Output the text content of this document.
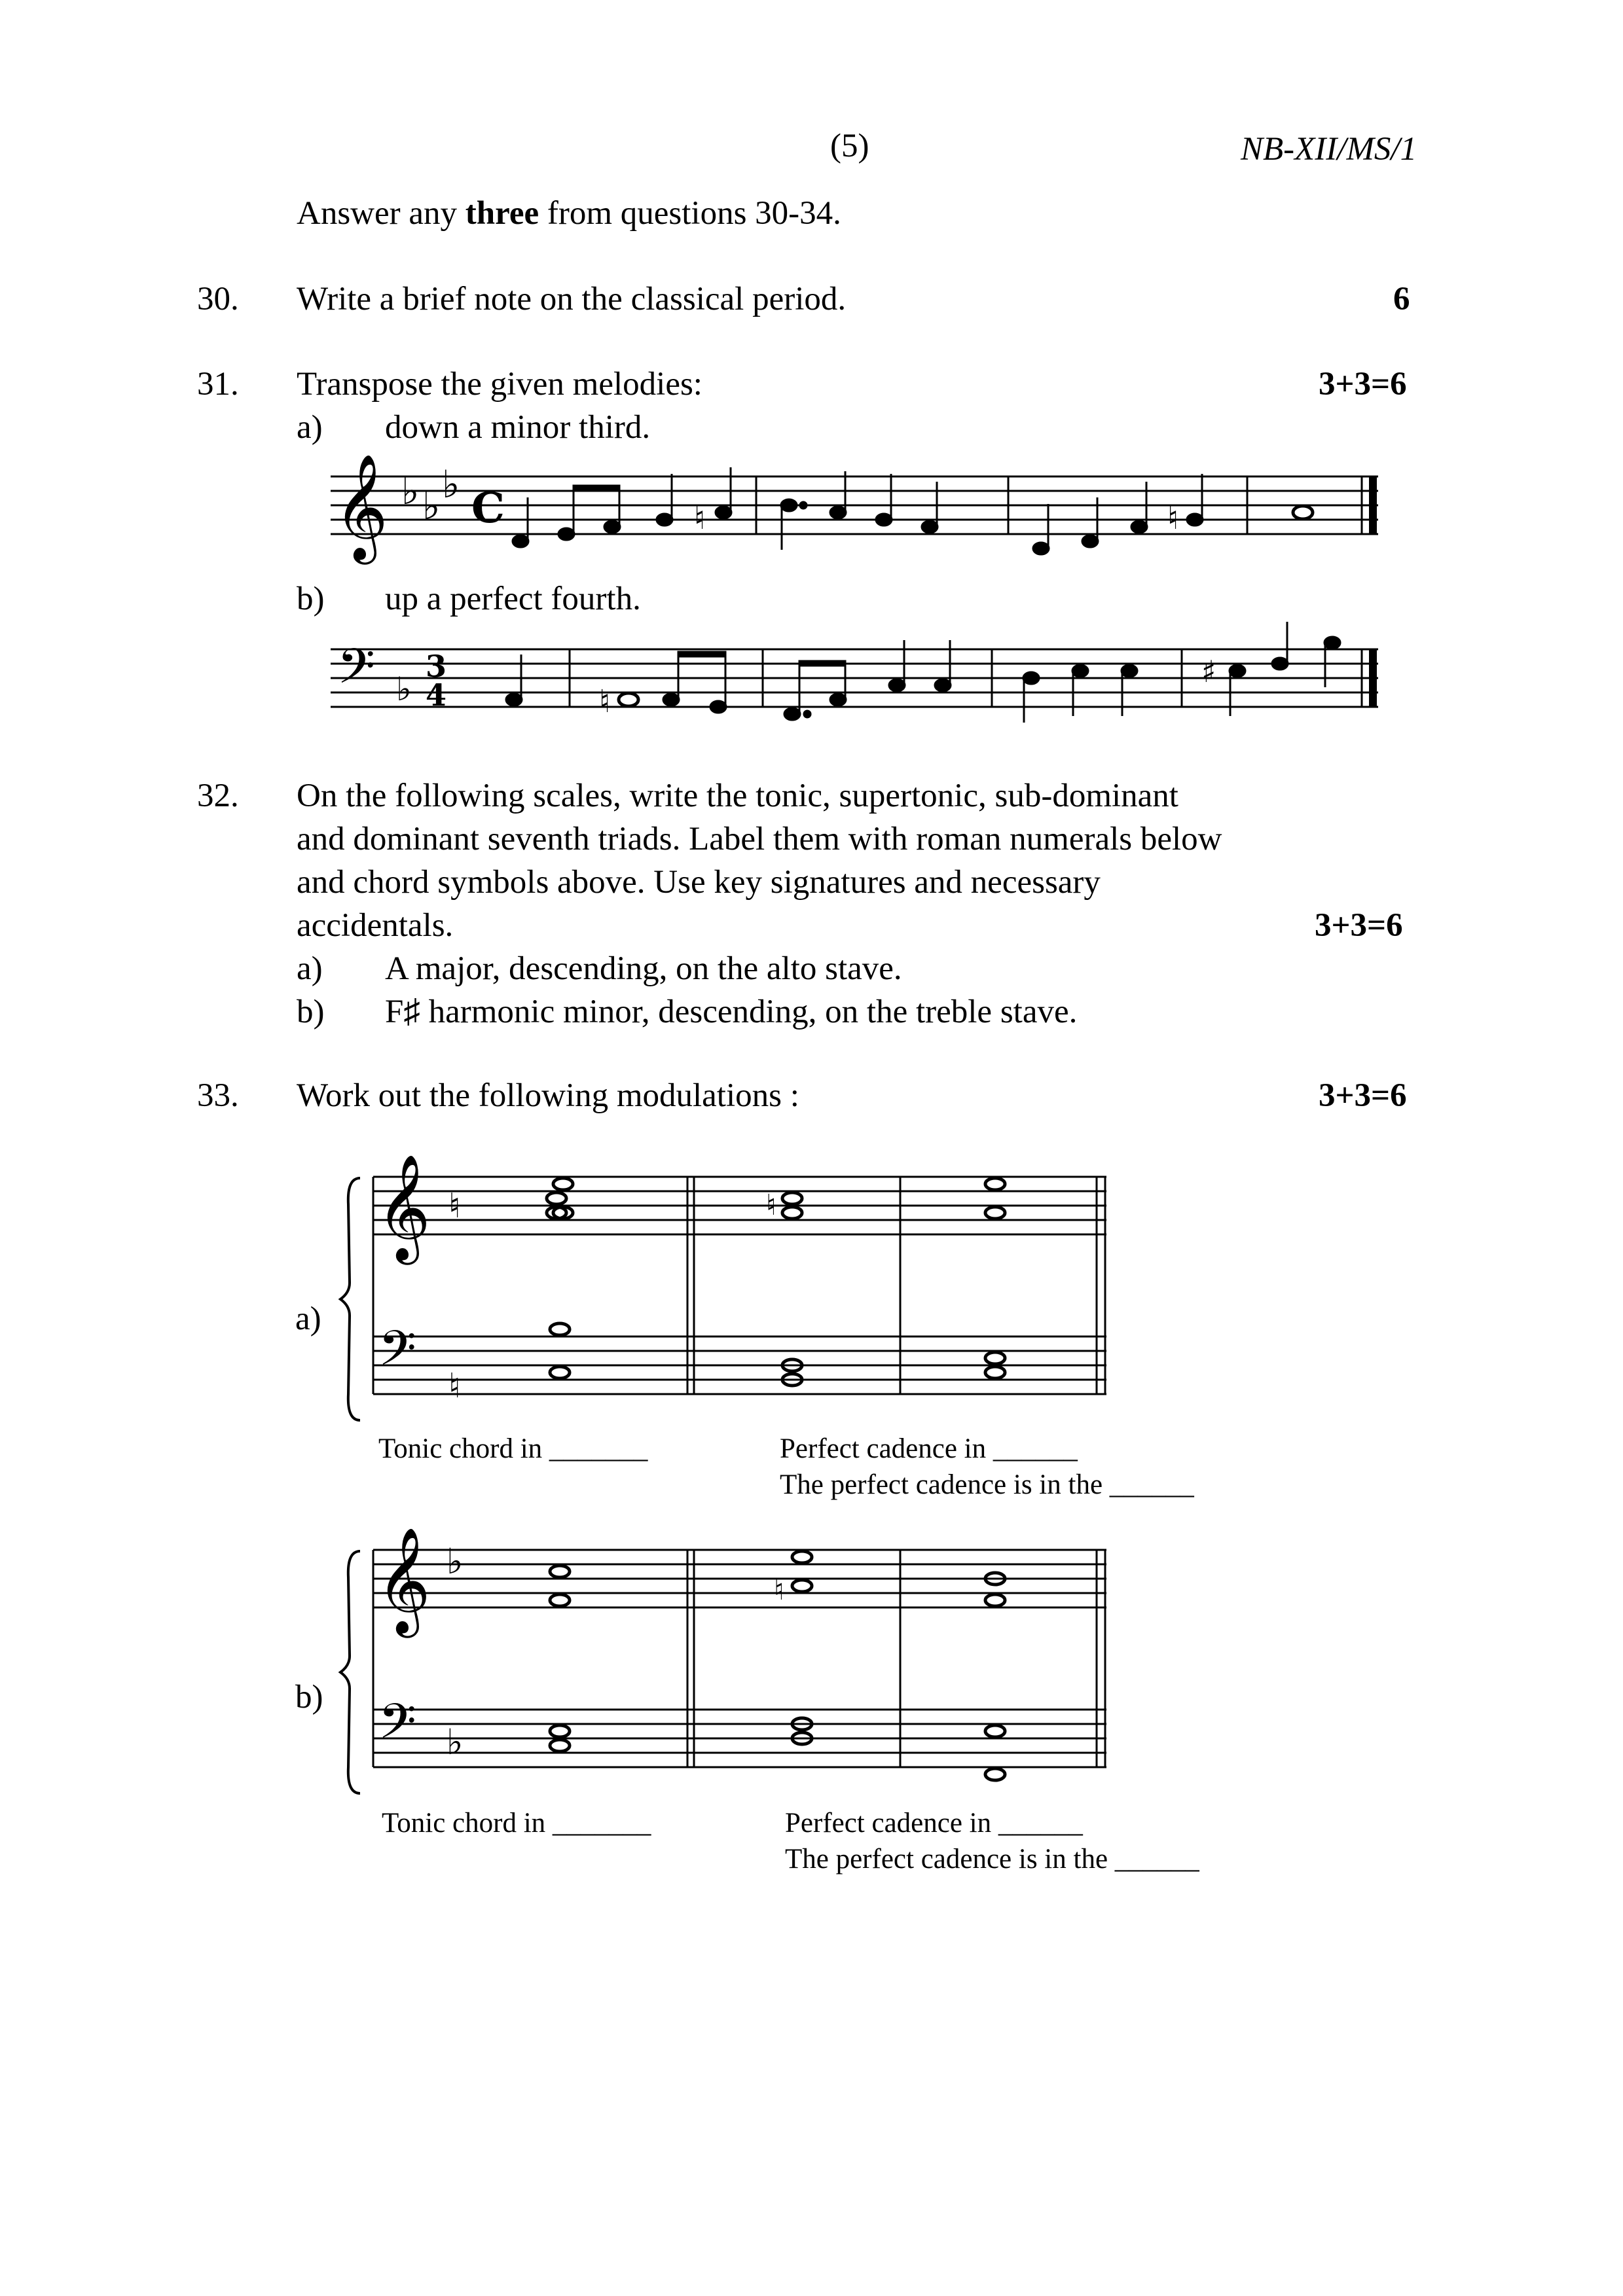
(5)	NB-XII/MS/1
Answer any three from questions 30-34.
30. Write a brief note on the classical period.	6
31. Transpose the given melodies:	3+3=6
a) down a minor third.
𝄞 ♭ ♭ ♭ C	♮	♮
b) up a perfect fourth.
𝄢 ♭
3
4	♮
♯
32. On the following scales, write the tonic, supertonic, sub-dominant
and dominant seventh triads. Label them with roman numerals below
and chord symbols above. Use key signatures and necessary
accidentals.	3+3=6
a) A major, descending, on the alto stave.
b) F♯ harmonic minor, descending, on the treble stave.
33. Work out the following modulations :	3+3=6
𝄞 ♮
𝄢 ♮
♮
a)
Tonic chord in _______	Perfect cadence in ______
The perfect cadence is in the ______
𝄞 ♭
𝄢 ♭
♮
b)
Tonic chord in _______	Perfect cadence in ______
The perfect cadence is in the ______
